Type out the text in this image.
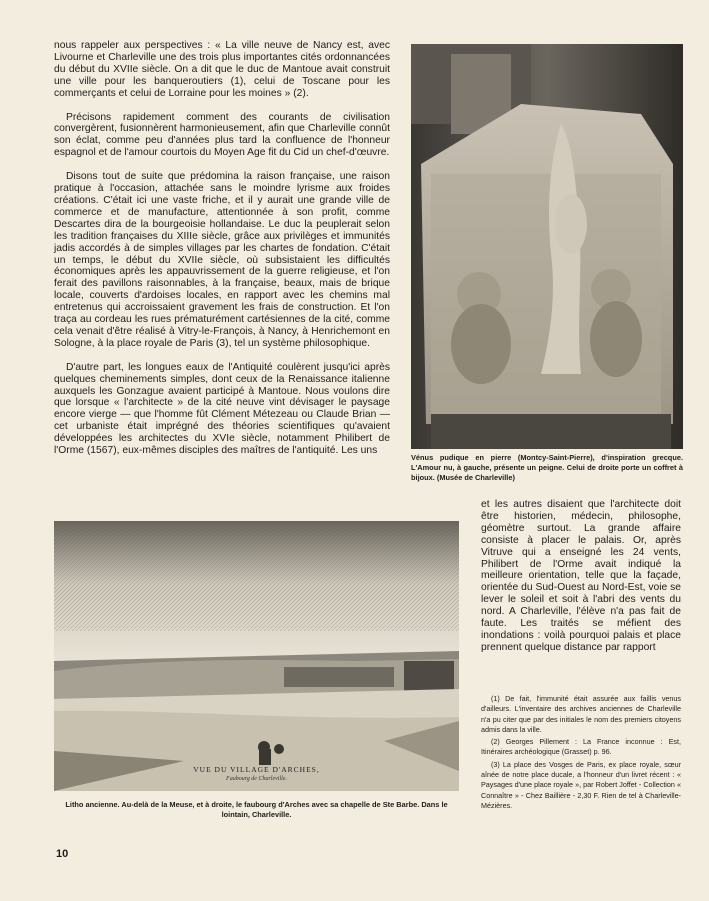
nous rappeler aux perspectives : « La ville neuve de Nancy est, avec Livourne et Charleville une des trois plus importantes cités ordonnancées du début du XVIIe siècle. On a dit que le duc de Mantoue avait construit une ville pour les banqueroutiers (1), celui de Toscane pour les commerçants et celui de Lorraine pour les moines » (2).

Précisons rapidement comment des courants de civilisation convergèrent, fusionnèrent harmonieusement, afin que Charleville connût son éclat, comme peu d'années plus tard la confluence de l'honneur espagnol et de l'amour courtois du Moyen Age fit du Cid un chef-d'œuvre.

Disons tout de suite que prédomina la raison française, une raison pratique à l'occasion, attachée sans le moindre lyrisme aux froides créations. C'était ici une vaste friche, et il y aurait une grande ville de commerce et de manufacture, attentionnée à son profit, comme Descartes dira de la bourgeoisie hollandaise. Le duc la peuplerait selon les tradition françaises du XIIIe siècle, grâce aux privilèges et immunités jadis accordés à de simples villages par les chartes de fondation. C'était un temps, le début du XVIIe siècle, où subsistaient les difficultés économiques après les appauvrissement de la guerre religieuse, et l'on ferait des pavillons raisonnables, à la française, beaux, mais de brique locale, couverts d'ardoises locales, en rapport avec les chemins mal entretenus qui accroissaient gravement les frais de construction. Et l'on traça au cordeau les rues prématurément cartésiennes de la cité, comme cela venait d'être réalisé à Vitry-le-François, à Nancy, à Henrichemont en Sologne, à la place royale de Paris (3), tel un système philosophique.

D'autre part, les longues eaux de l'Antiquité coulèrent jusqu'ici après quelques cheminements simples, dont ceux de la Renaissance italienne auxquels les Gonzague avaient participé à Mantoue. Nous voulons dire que lorsque « l'architecte » de la cité neuve vint dévisager le paysage encore vierge — que l'homme fût Clément Métezeau ou Claude Brian — cet urbaniste était imprégné des théories scientifiques qu'avaient développées les architectes du XVIe siècle, notamment Philibert de l'Orme (1567), eux-mêmes disciples des maîtres de l'antiquité. Les uns

Vénus pudique en pierre (Montcy-Saint-Pierre), d'inspiration grecque. L'Amour nu, à gauche, présente un peigne. Celui de droite porte un coffret à bijoux. (Musée de Charleville)

et les autres disaient que l'architecte doit être historien, médecin, philosophe, géomètre surtout. La grande affaire consiste à placer le palais. Or, après Vitruve qui a enseigné les 24 vents, Philibert de l'Orme avait indiqué la meilleure orientation, telle que la façade, orientée du Sud-Ouest au Nord-Est, voie se lever le soleil et soit à l'abri des vents du nord. A Charleville, l'élève n'a pas fait de faute. Les traités se méfient des inondations : voilà pourquoi palais et place prennent quelque distance par rapport

VUE DU VILLAGE D'ARCHES,
Faubourg de Charleville.
Litho ancienne. Au-delà de la Meuse, et à droite, le faubourg d'Arches avec sa chapelle de Ste Barbe. Dans le lointain, Charleville.

(1) De fait, l'immunité était assurée aux faillis venus d'ailleurs. L'inventaire des archives anciennes de Charleville n'a pu citer que par des initiales le nom des premiers citoyens admis dans la ville.

(2) Georges Pillement : La France inconnue : Est, Itinéraires archéologique (Grasset) p. 96.

(3) La place des Vosges de Paris, ex place royale, sœur aînée de notre place ducale, a l'honneur d'un livret récent : « Paysages d'une place royale », par Robert Joffet - Collection « Connaître » - Chez Baillière - 2,30 F. Rien de tel à Charleville-Mézières.

10
